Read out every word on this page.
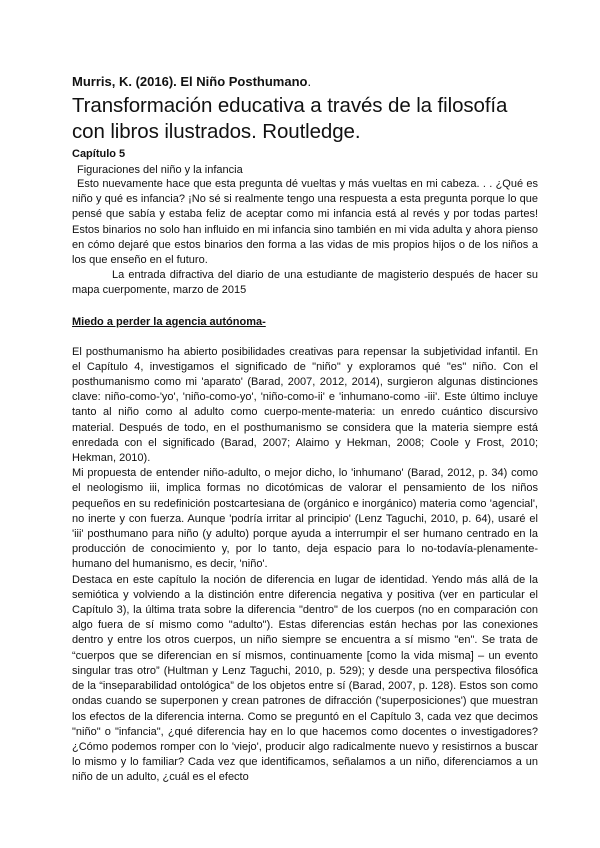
Murris, K. (2016). El Niño Posthumano.

Transformación educativa a través de la filosofía con libros ilustrados. Routledge.
Capítulo 5
Figuraciones del niño y la infancia

Esto nuevamente hace que esta pregunta dé vueltas y más vueltas en mi cabeza. . . ¿Qué es niño y qué es infancia? ¡No sé si realmente tengo una respuesta a esta pregunta porque lo que pensé que sabía y estaba feliz de aceptar como mi infancia está al revés y por todas partes! Estos binarios no solo han influido en mi infancia sino también en mi vida adulta y ahora pienso en cómo dejaré que estos binarios den forma a las vidas de mis propios hijos o de los niños a los que enseño en el futuro.

La entrada difractiva del diario de una estudiante de magisterio después de hacer su mapa cuerpomente, marzo de 2015

Miedo a perder la agencia autónoma-

El posthumanismo ha abierto posibilidades creativas para repensar la subjetividad infantil. En el Capítulo 4, investigamos el significado de "niño" y exploramos qué "es" niño. Con el posthumanismo como mi 'aparato' (Barad, 2007, 2012, 2014), surgieron algunas distinciones clave: niño-como-'yo', 'niño-como-yo', 'niño-como-ii' e 'inhumano-como -iii'. Este último incluye tanto al niño como al adulto como cuerpo-mente-materia: un enredo cuántico discursivo material. Después de todo, en el posthumanismo se considera que la materia siempre está enredada con el significado (Barad, 2007; Alaimo y Hekman, 2008; Coole y Frost, 2010; Hekman, 2010).

Mi propuesta de entender niño-adulto, o mejor dicho, lo 'inhumano' (Barad, 2012, p. 34) como el neologismo iii, implica formas no dicotómicas de valorar el pensamiento de los niños pequeños en su redefinición postcartesiana de (orgánico e inorgánico) materia como 'agencial', no inerte y con fuerza. Aunque 'podría irritar al principio' (Lenz Taguchi, 2010, p. 64), usaré el 'iii' posthumano para niño (y adulto) porque ayuda a interrumpir el ser humano centrado en la producción de conocimiento y, por lo tanto, deja espacio para lo no-todavía-plenamente-humano del humanismo, es decir, 'niño'.

Destaca en este capítulo la noción de diferencia en lugar de identidad. Yendo más allá de la semiótica y volviendo a la distinción entre diferencia negativa y positiva (ver en particular el Capítulo 3), la última trata sobre la diferencia "dentro" de los cuerpos (no en comparación con algo fuera de sí mismo como "adulto"). Estas diferencias están hechas por las conexiones dentro y entre los otros cuerpos, un niño siempre se encuentra a sí mismo "en". Se trata de “cuerpos que se diferencian en sí mismos, continuamente [como la vida misma] – un evento singular tras otro” (Hultman y Lenz Taguchi, 2010, p. 529); y desde una perspectiva filosófica de la “inseparabilidad ontológica” de los objetos entre sí (Barad, 2007, p. 128). Estos son como ondas cuando se superponen y crean patrones de difracción ('superposiciones') que muestran los efectos de la diferencia interna. Como se preguntó en el Capítulo 3, cada vez que decimos "niño" o "infancia", ¿qué diferencia hay en lo que hacemos como docentes o investigadores? ¿Cómo podemos romper con lo 'viejo', producir algo radicalmente nuevo y resistirnos a buscar lo mismo y lo familiar? Cada vez que identificamos, señalamos a un niño, diferenciamos a un niño de un adulto, ¿cuál es el efecto
